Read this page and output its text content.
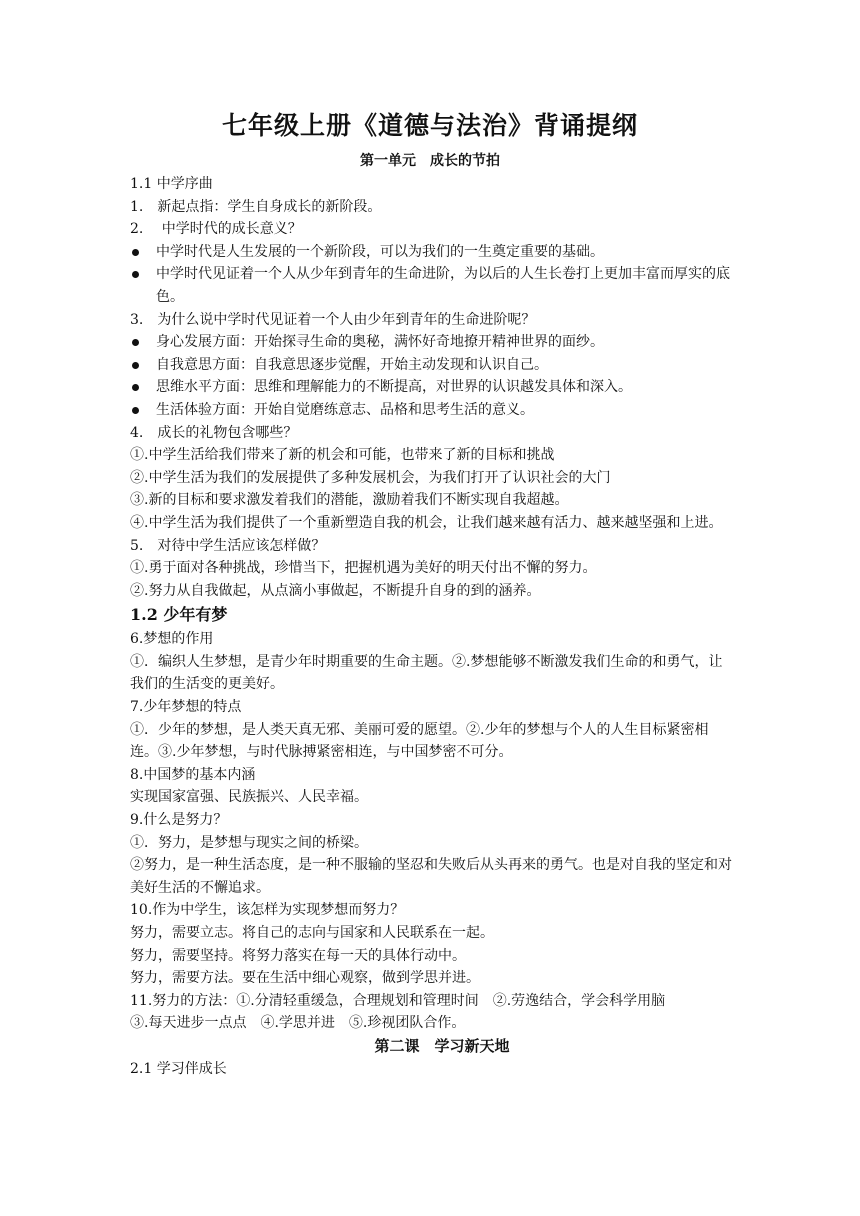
七年级上册《道德与法治》背诵提纲
第一单元　成长的节拍

1.1 中学序曲

1.　新起点指：学生自身成长的新阶段。

2.　 中学时代的成长意义？

中学时代是人生发展的一个新阶段，可以为我们的一生奠定重要的基础。

中学时代见证着一个人从少年到青年的生命进阶，为以后的人生长卷打上更加丰富而厚实的底色。

3.　为什么说中学时代见证着一个人由少年到青年的生命进阶呢？

身心发展方面：开始探寻生命的奥秘，满怀好奇地撩开精神世界的面纱。

自我意思方面：自我意思逐步觉醒，开始主动发现和认识自己。

思维水平方面：思维和理解能力的不断提高，对世界的认识越发具体和深入。

生活体验方面：开始自觉磨练意志、品格和思考生活的意义。

4.　成长的礼物包含哪些？

①.中学生活给我们带来了新的机会和可能，也带来了新的目标和挑战

②.中学生活为我们的发展提供了多种发展机会，为我们打开了认识社会的大门

③.新的目标和要求激发着我们的潜能，激励着我们不断实现自我超越。

④.中学生活为我们提供了一个重新塑造自我的机会，让我们越来越有活力、越来越坚强和上进。

5.　对待中学生活应该怎样做？

①.勇于面对各种挑战，珍惜当下，把握机遇为美好的明天付出不懈的努力。

②.努力从自我做起，从点滴小事做起，不断提升自身的到的涵养。

1.2 少年有梦

6.梦想的作用

①．编织人生梦想，是青少年时期重要的生命主题。②.梦想能够不断激发我们生命的和勇气，让我们的生活变的更美好。

7.少年梦想的特点

①．少年的梦想，是人类天真无邪、美丽可爱的愿望。②.少年的梦想与个人的人生目标紧密相连。③.少年梦想，与时代脉搏紧密相连，与中国梦密不可分。

8.中国梦的基本内涵

实现国家富强、民族振兴、人民幸福。

9.什么是努力？

①．努力，是梦想与现实之间的桥梁。

②努力，是一种生活态度，是一种不服输的坚忍和失败后从头再来的勇气。也是对自我的坚定和对美好生活的不懈追求。

10.作为中学生，该怎样为实现梦想而努力？

努力，需要立志。将自己的志向与国家和人民联系在一起。

努力，需要坚持。将努力落实在每一天的具体行动中。

努力，需要方法。要在生活中细心观察，做到学思并进。

11.努力的方法：①.分清轻重缓急，合理规划和管理时间　②.劳逸结合，学会科学用脑

③.每天进步一点点　④.学思并进　⑤.珍视团队合作。

第二课　学习新天地

2.1 学习伴成长
